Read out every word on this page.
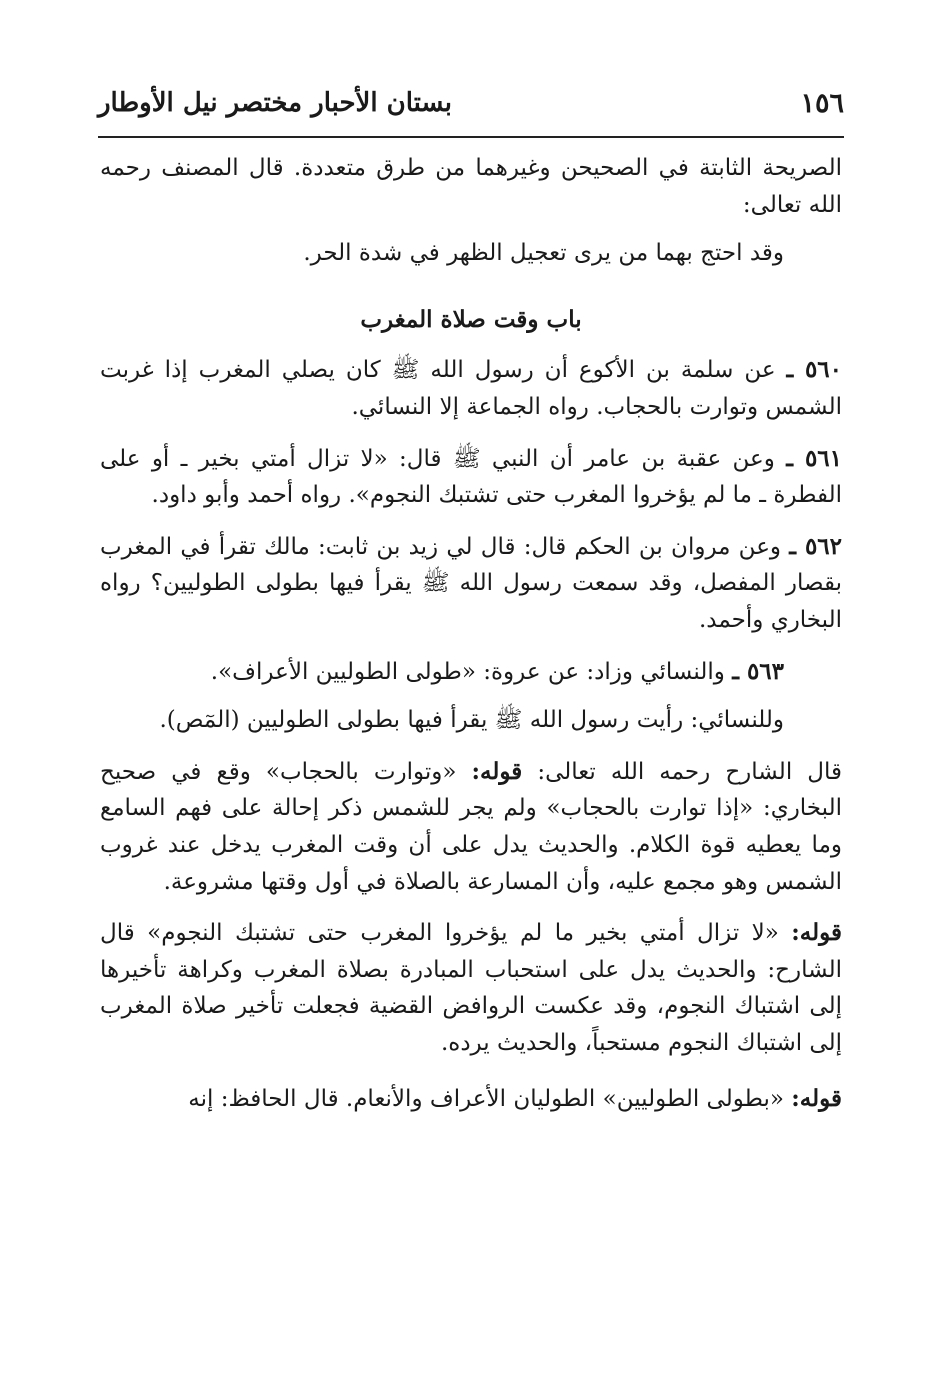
١٥٦
بستان الأحبار مختصر نيل الأوطار

الصريحة الثابتة في الصحيحن وغيرهما من طرق متعددة. قال المصنف رحمه الله تعالى:

وقد احتج بهما من يرى تعجيل الظهر في شدة الحر.

باب وقت صلاة المغرب

٥٦٠ ـ عن سلمة بن الأكوع أن رسول الله ﷺ كان يصلي المغرب إذا غربت الشمس وتوارت بالحجاب. رواه الجماعة إلا النسائي.

٥٦١ ـ وعن عقبة بن عامر أن النبي ﷺ قال: «لا تزال أمتي بخير ـ أو على الفطرة ـ ما لم يؤخروا المغرب حتى تشتبك النجوم». رواه أحمد وأبو داود.

٥٦٢ ـ وعن مروان بن الحكم قال: قال لي زيد بن ثابت: مالك تقرأ في المغرب بقصار المفصل، وقد سمعت رسول الله ﷺ يقرأ فيها بطولى الطوليين؟ رواه البخاري وأحمد.

٥٦٣ ـ والنسائي وزاد: عن عروة: «طولى الطوليين الأعراف».

وللنسائي: رأيت رسول الله ﷺ يقرأ فيها بطولى الطوليين (المٓص).

قال الشارح رحمه الله تعالى: قوله: «وتوارت بالحجاب» وقع في صحيح البخاري: «إذا توارت بالحجاب» ولم يجر للشمس ذكر إحالة على فهم السامع وما يعطيه قوة الكلام. والحديث يدل على أن وقت المغرب يدخل عند غروب الشمس وهو مجمع عليه، وأن المسارعة بالصلاة في أول وقتها مشروعة.

قوله: «لا تزال أمتي بخير ما لم يؤخروا المغرب حتى تشتبك النجوم» قال الشارح: والحديث يدل على استحباب المبادرة بصلاة المغرب وكراهة تأخيرها إلى اشتباك النجوم، وقد عكست الروافض القضية فجعلت تأخير صلاة المغرب إلى اشتباك النجوم مستحباً، والحديث يرده.

قوله: «بطولى الطوليين» الطوليان الأعراف والأنعام. قال الحافظ: إنه
